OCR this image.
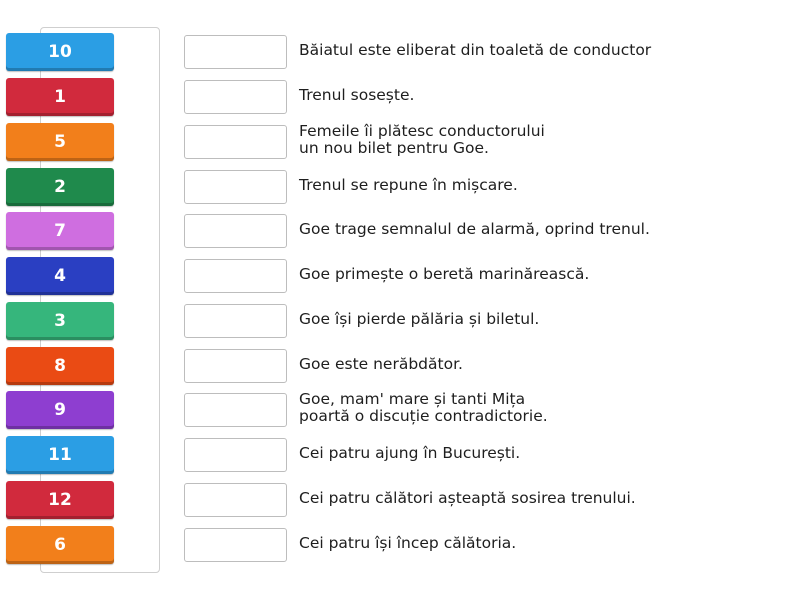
10
1
5
2
7
4
3
8
9
11
12
6
Băiatul este eliberat din toaletă de conductor
Trenul sosește.
Femeile îi plătesc conductorului
un nou bilet pentru Goe.
Trenul se repune în mișcare.
Goe trage semnalul de alarmă, oprind trenul.
Goe primește o beretă marinărească.
Goe își pierde pălăria și biletul.
Goe este nerăbdător.
Goe, mam' mare și tanti Mița
poartă o discuție contradictorie.
Cei patru ajung în București.
Cei patru călători așteaptă sosirea trenului.
Cei patru își încep călătoria.
